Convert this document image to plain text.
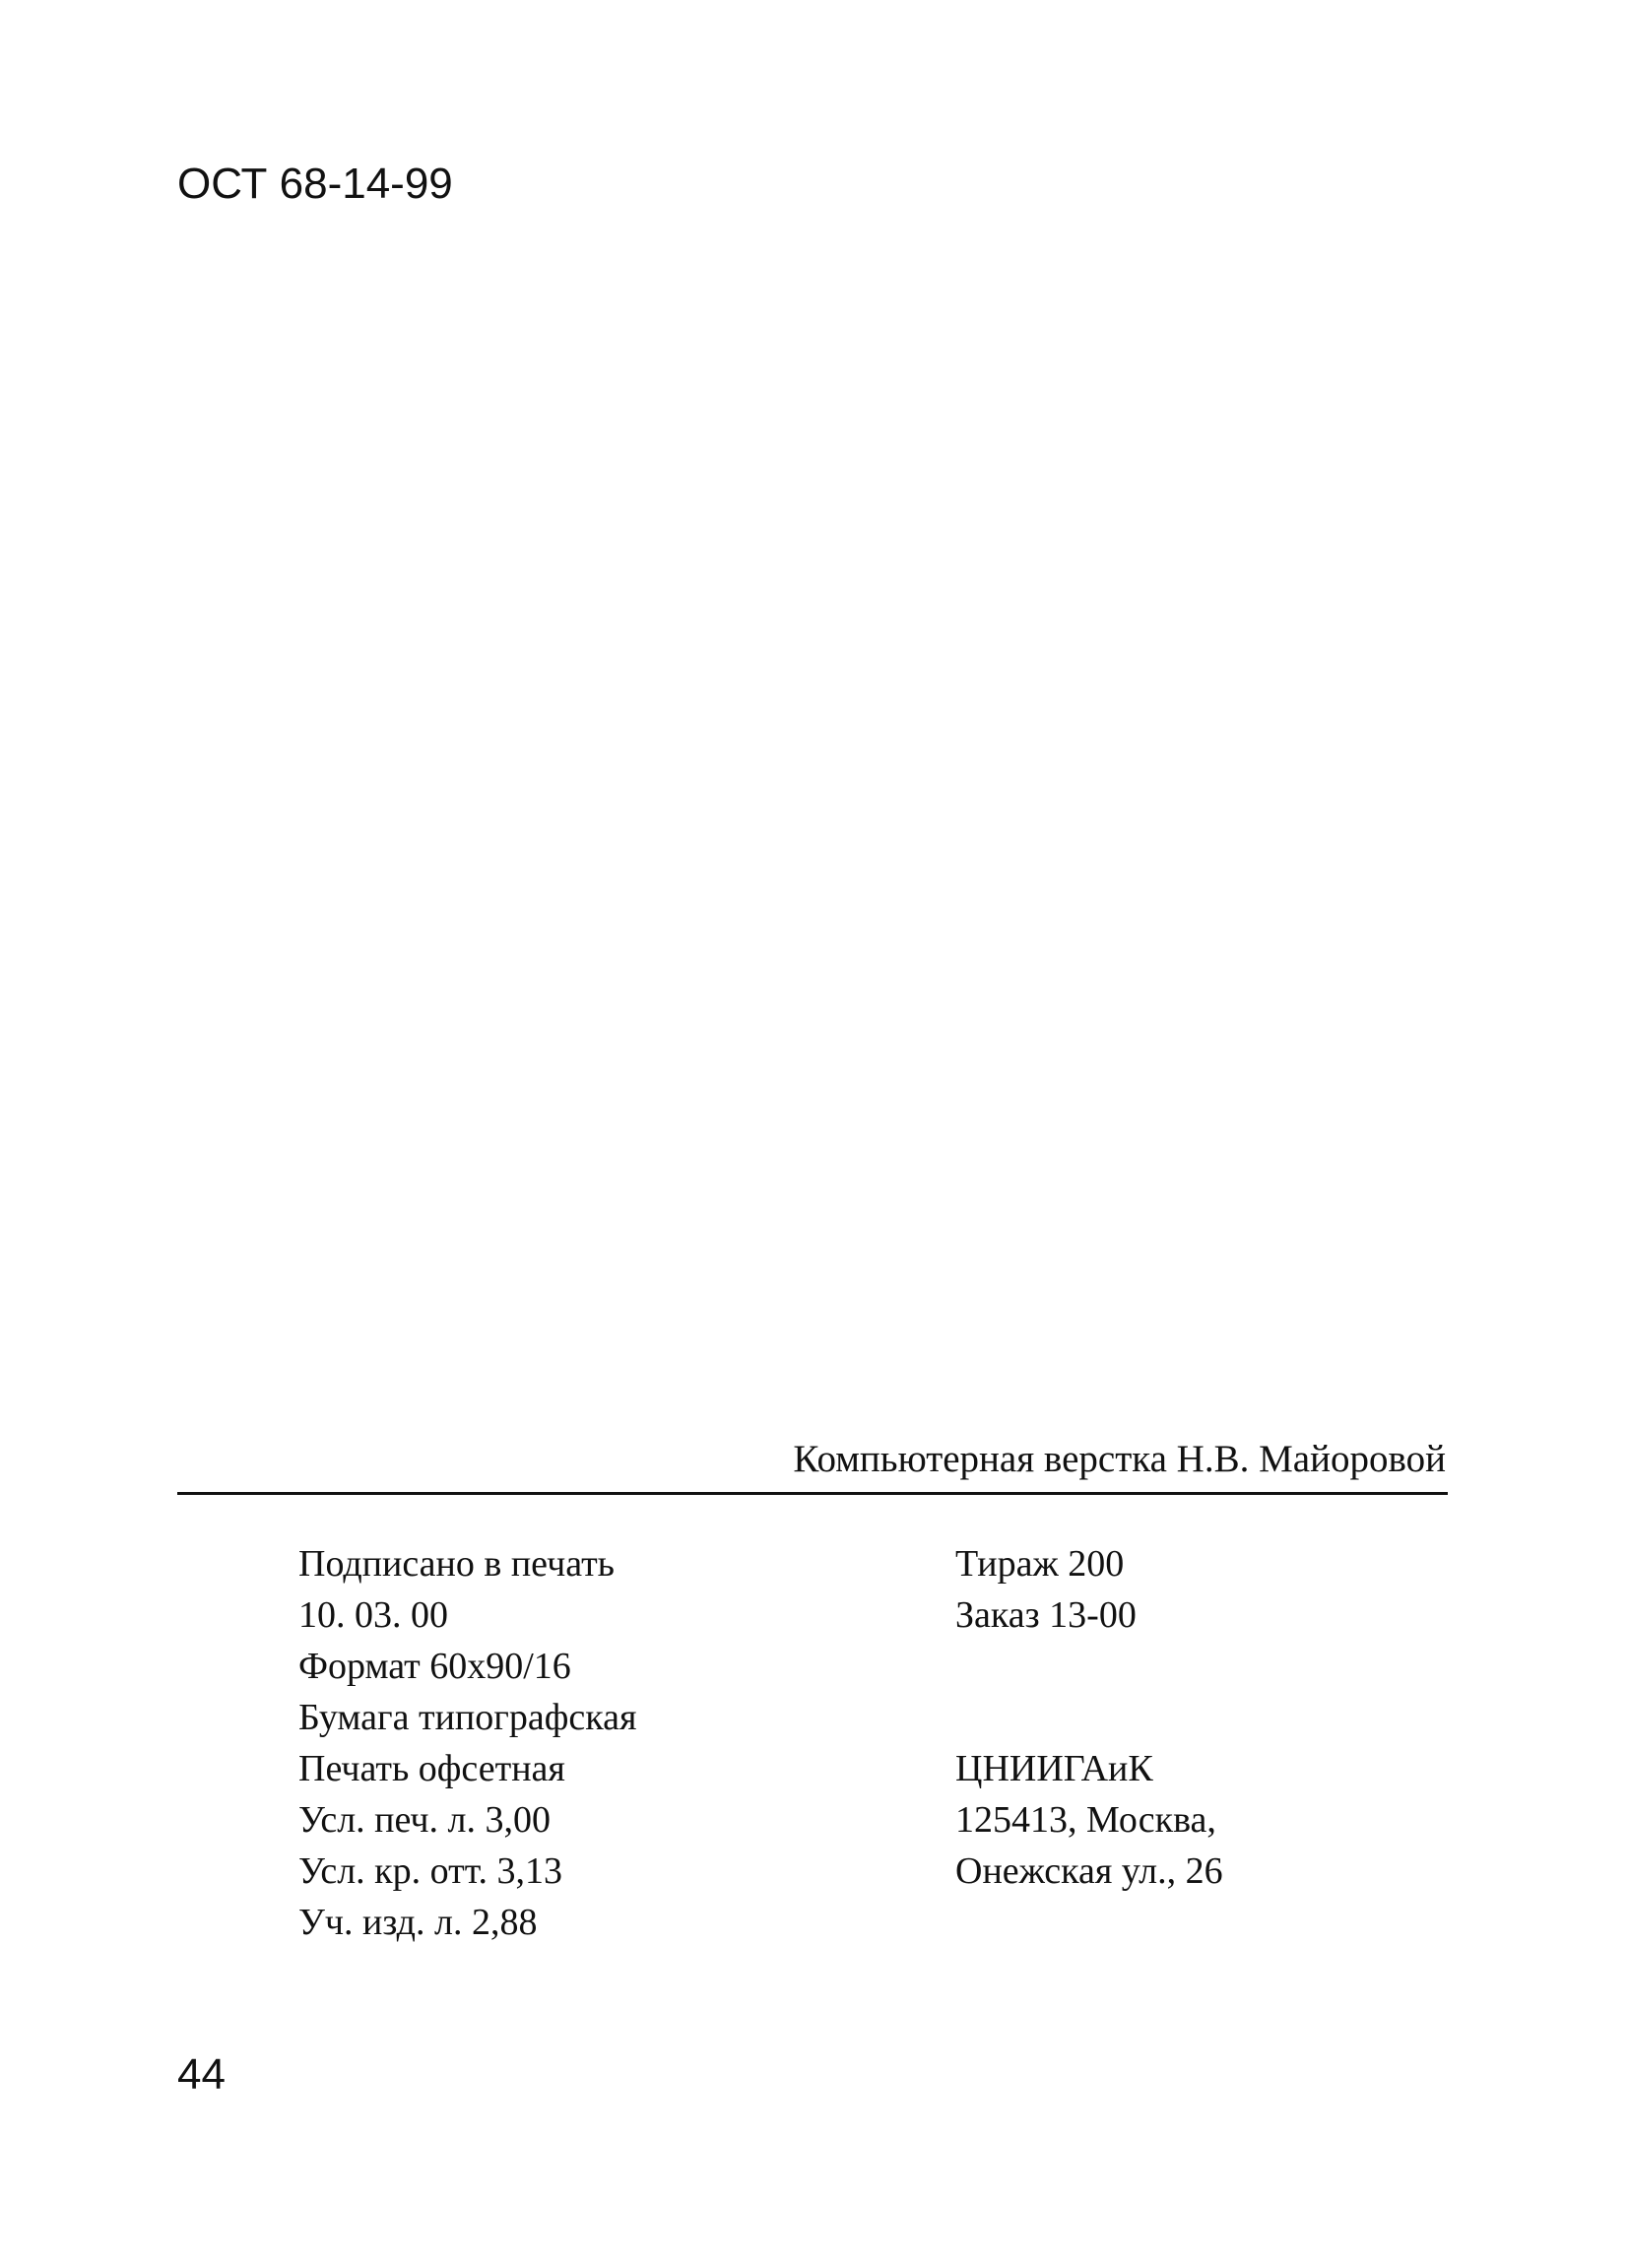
ОСТ 68-14-99
Компьютерная верстка Н.В. Майоровой
Подписано в печать
10. 03. 00
Формат 60x90/16
Бумага типографская
Печать офсетная
Усл. печ. л. 3,00
Усл. кр. отт. 3,13
Уч. изд. л. 2,88
Тираж 200
Заказ 13-00
ЦНИИГАиК
125413, Москва,
Онежская ул., 26
44
